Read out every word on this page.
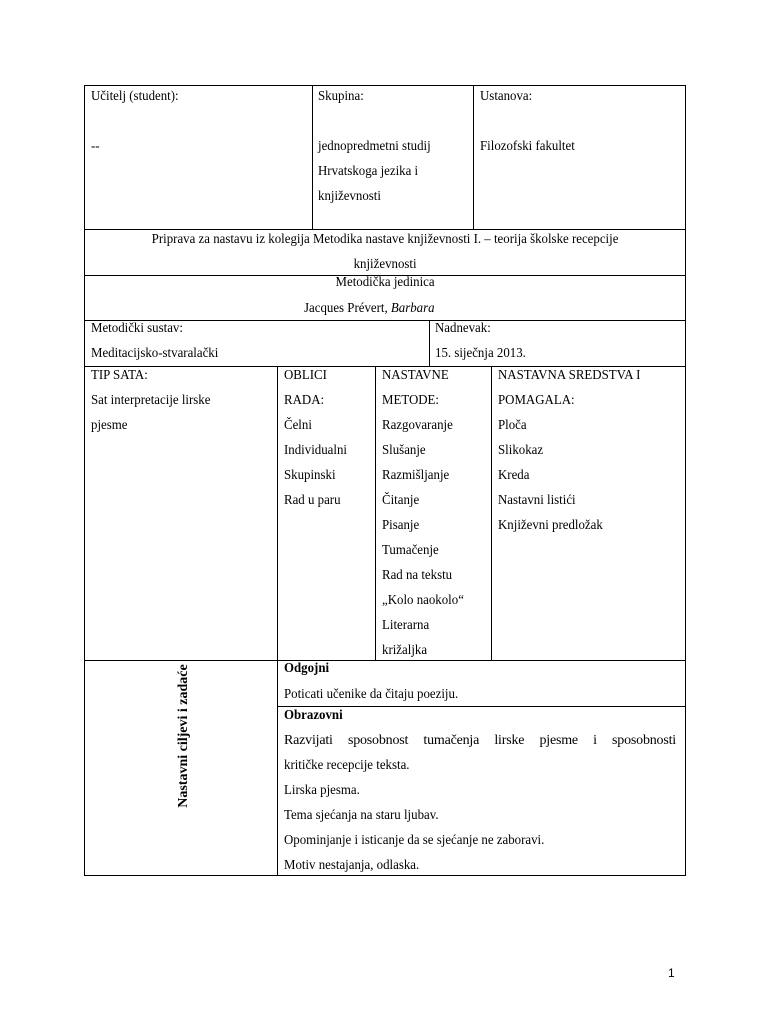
Učitelj (student):
--
Skupina:
jednopredmetni studij
Hrvatskoga jezika i
književnosti
Ustanova:
Filozofski fakultet
Priprava za nastavu iz kolegija Metodika nastave književnosti I. – teorija školske recepcije
književnosti
Metodička jedinica
Jacques Prévert, Barbara
Metodički sustav:
Meditacijsko-stvaralački
Nadnevak:
15. siječnja 2013.
TIP SATA:
Sat interpretacije lirske
pjesme
OBLICI
RADA:
Čelni
Individualni
Skupinski
Rad u paru
NASTAVNE
METODE:
Razgovaranje
Slušanje
Razmišljanje
Čitanje
Pisanje
Tumačenje
Rad na tekstu
„Kolo naokolo“
Literarna
križaljka
NASTAVNA SREDSTVA I
POMAGALA:
Ploča
Slikokaz
Kreda
Nastavni listići
Književni predložak
Nastavni ciljevi i zadaće	Odgojni
Poticati učenike da čitaju poeziju.
Obrazovni
Razvijati sposobnost tumačenja lirske pjesme i sposobnosti
kritičke recepcije teksta.
Lirska pjesma.
Tema sjećanja na staru ljubav.
Opominjanje i isticanje da se sjećanje ne zaboravi.
Motiv nestajanja, odlaska.
1
